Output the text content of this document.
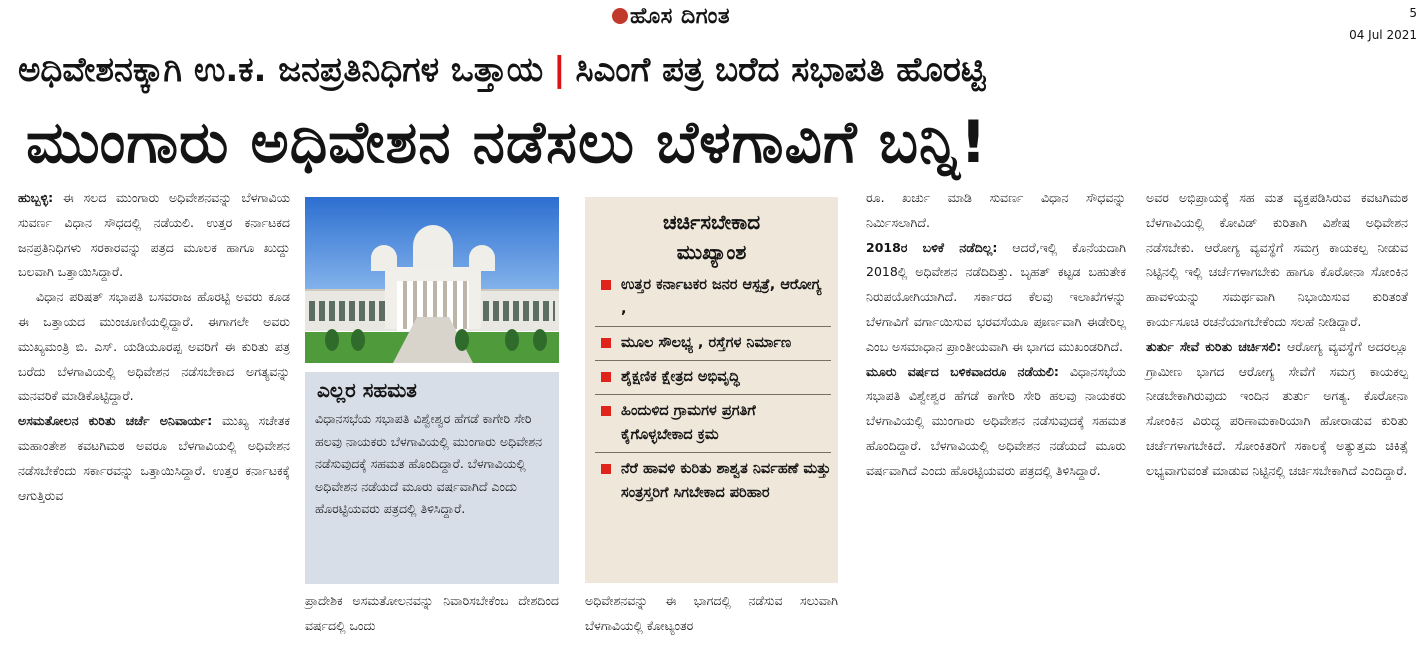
ಹೊಸ ದಿಗಂತ	5
04 Jul 2021
ಅಧಿವೇಶನಕ್ಕಾಗಿ ಉ.ಕ. ಜನಪ್ರತಿನಿಧಿಗಳ ಒತ್ತಾಯ | ಸಿಎಂಗೆ ಪತ್ರ ಬರೆದ ಸಭಾಪತಿ ಹೊರಟ್ಟಿ
ಮುಂಗಾರು ಅಧಿವೇಶನ ನಡೆಸಲು ಬೆಳಗಾವಿಗೆ ಬನ್ನಿ!

ಹುಬ್ಬಳ್ಳಿ: ಈ ಸಲದ ಮುಂಗಾರು ಅಧಿವೇಶನವನ್ನು ಬೆಳಗಾವಿಯ ಸುವರ್ಣ ವಿಧಾನ ಸೌಧದಲ್ಲಿ ನಡೆಯಲಿ. ಉತ್ತರ ಕರ್ನಾಟಕದ ಜನಪ್ರತಿನಿಧಿಗಳು ಸರಕಾರವನ್ನು ಪತ್ರದ ಮೂಲಕ ಹಾಗೂ ಖುದ್ದು ಬಲವಾಗಿ ಒತ್ತಾಯಿಸಿದ್ದಾರೆ.

ವಿಧಾನ ಪರಿಷತ್ ಸಭಾಪತಿ ಬಸವರಾಜ ಹೊರಟ್ಟಿ ಅವರು ಕೂಡ ಈ ಒತ್ತಾಯದ ಮುಂಚೂಣಿಯಲ್ಲಿದ್ದಾರೆ. ಈಗಾಗಲೇ ಅವರು ಮುಖ್ಯಮಂತ್ರಿ ಬಿ. ಎಸ್. ಯಡಿಯೂರಪ್ಪ ಅವರಿಗೆ ಈ ಕುರಿತು ಪತ್ರ ಬರೆದು ಬೆಳಗಾವಿಯಲ್ಲಿ ಅಧಿವೇಶನ ನಡೆಸಬೇಕಾದ ಅಗತ್ಯವನ್ನು ಮನವರಿಕೆ ಮಾಡಿಕೊಟ್ಟಿದ್ದಾರೆ.

ಅಸಮತೋಲನ ಕುರಿತು ಚರ್ಚೆ ಅನಿವಾರ್ಯ: ಮುಖ್ಯ ಸಚೇತಕ ಮಹಾಂತೇಶ ಕವಟಗಿಮಠ ಅವರೂ ಬೆಳಗಾವಿಯಲ್ಲಿ ಅಧಿವೇಶನ ನಡೆಸಬೇಕೆಂದು ಸರ್ಕಾರವನ್ನು ಒತ್ತಾಯಿಸಿದ್ದಾರೆ. ಉತ್ತರ ಕರ್ನಾಟಕಕ್ಕೆ ಆಗುತ್ತಿರುವ

ಎಲ್ಲರ ಸಹಮತ
ವಿಧಾನಸಭೆಯ ಸಭಾಪತಿ ವಿಶ್ವೇಶ್ವರ ಹೆಗಡೆ ಕಾಗೇರಿ ಸೇರಿ ಹಲವು ನಾಯಕರು ಬೆಳಗಾವಿಯಲ್ಲಿ ಮುಂಗಾರು ಅಧಿವೇಶನ ನಡೆಸುವುದಕ್ಕೆ ಸಹಮತ ಹೊಂದಿದ್ದಾರೆ. ಬೆಳಗಾವಿಯಲ್ಲಿ ಅಧಿವೇಶನ ನಡೆಯದೆ ಮೂರು ವರ್ಷವಾಗಿದೆ ಎಂದು ಹೊರಟ್ಟಿಯವರು ಪತ್ರದಲ್ಲಿ ತಿಳಿಸಿದ್ದಾರೆ.
ಪ್ರಾದೇಶಿಕ ಅಸಮತೋಲನವನ್ನು ನಿವಾರಿಸಬೇಕೆಂಬ ದೇಶದಿಂದ ವರ್ಷದಲ್ಲಿ ಒಂದು
ಚರ್ಚಿಸಬೇಕಾದ
ಮುಖ್ಯಾಂಶ
ಉತ್ತರ ಕರ್ನಾಟಕರ ಜನರ ಆಸ್ಪತ್ರೆ, ಆರೋಗ್ಯ ,
ಮೂಲ ಸೌಲಭ್ಯ , ರಸ್ತೆಗಳ ನಿರ್ಮಾಣ
ಶೈಕ್ಷಣಿಕ ಕ್ಷೇತ್ರದ ಅಭಿವೃದ್ಧಿ
ಹಿಂದುಳಿದ ಗ್ರಾಮಗಳ ಪ್ರಗತಿಗೆ ಕೈಗೊಳ್ಳಬೇಕಾದ ಕ್ರಮ
ನೆರೆ ಹಾವಳಿ ಕುರಿತು ಶಾಶ್ವತ ನಿರ್ವಹಣೆ ಮತ್ತು ಸಂತ್ರಸ್ತರಿಗೆ ಸಿಗಬೇಕಾದ ಪರಿಹಾರ
ಅಧಿವೇಶನವನ್ನು ಈ ಭಾಗದಲ್ಲಿ ನಡೆಸುವ ಸಲುವಾಗಿ ಬೆಳಗಾವಿಯಲ್ಲಿ ಕೋಟ್ಯಂತರ

ರೂ. ಖರ್ಚು ಮಾಡಿ ಸುವರ್ಣ ವಿಧಾನ ಸೌಧವನ್ನು ನಿರ್ಮಿಸಲಾಗಿದೆ.

2018ರ ಬಳಿಕೆ ನಡೆದಿಲ್ಲ: ಆದರೆ,ಇಲ್ಲಿ ಕೊನೆಯದಾಗಿ 2018ಲ್ಲಿ ಅಧಿವೇಶನ ನಡೆದಿದಿತ್ತು. ಬೃಹತ್ ಕಟ್ಟಡ ಬಹುತೇಕ ನಿರುಪಯೋಗಿಯಾಗಿದೆ. ಸರ್ಕಾರದ ಕೆಲವು ಇಲಾಖೆಗಳನ್ನು ಬೆಳಗಾವಿಗೆ ವರ್ಗಾಯಿಸುವ ಭರವಸೆಯೂ ಪೂರ್ಣವಾಗಿ ಈಡೇರಿಲ್ಲ ಎಂಬ ಅಸಮಾಧಾನ ಪ್ರಾಂತೀಯವಾಗಿ ಈ ಭಾಗದ ಮುಖಂಡರಿಗಿದೆ.

ಮೂರು ವರ್ಷದ ಬಳಿಕವಾದರೂ ನಡೆಯಲಿ: ವಿಧಾನಸಭೆಯ ಸಭಾಪತಿ ವಿಶ್ವೇಶ್ವರ ಹೆಗಡೆ ಕಾಗೇರಿ ಸೇರಿ ಹಲವು ನಾಯಕರು ಬೆಳಗಾವಿಯಲ್ಲಿ ಮುಂಗಾರು ಅಧಿವೇಶನ ನಡೆಸುವುದಕ್ಕೆ ಸಹಮತ ಹೊಂದಿದ್ದಾರೆ. ಬೆಳಗಾವಿಯಲ್ಲಿ ಅಧಿವೇಶನ ನಡೆಯದೆ ಮೂರು ವರ್ಷವಾಗಿದೆ ಎಂದು ಹೊರಟ್ಟಿಯವರು ಪತ್ರದಲ್ಲಿ ತಿಳಿಸಿದ್ದಾರೆ.

ಅವರ ಅಭಿಪ್ರಾಯಕ್ಕೆ ಸಹ ಮತ ವ್ಯಕ್ತಪಡಿಸಿರುವ ಕವಟಗಿಮಠ ಬೆಳಗಾವಿಯಲ್ಲಿ ಕೋವಿಡ್ ಕುರಿತಾಗಿ ವಿಶೇಷ ಅಧಿವೇಶನ ನಡೆಸಬೇಕು. ಆರೋಗ್ಯ ವ್ಯವಸ್ಥೆಗೆ ಸಮಗ್ರ ಕಾಯಕಲ್ಪ ನೀಡುವ ನಿಟ್ಟಿನಲ್ಲಿ ಇಲ್ಲಿ ಚರ್ಚೆಗಳಾಗಬೇಕು ಹಾಗೂ ಕೊರೋನಾ ಸೋಂಕಿನ ಹಾವಳಿಯನ್ನು ಸಮರ್ಥವಾಗಿ ನಿಭಾಯಿಸುವ ಕುರಿತಂತೆ ಕಾರ್ಯಸೂಚಿ ರಚನೆಯಾಗಬೇಕೆಂದು ಸಲಹೆ ನೀಡಿದ್ದಾರೆ.

ತುರ್ತು ಸೇವೆ ಕುರಿತು ಚರ್ಚಿಸಲಿ: ಆರೋಗ್ಯ ವ್ಯವಸ್ಥೆಗೆ ಅದರಲ್ಲೂ ಗ್ರಾಮೀಣ ಭಾಗದ ಆರೋಗ್ಯ ಸೇವೆಗೆ ಸಮಗ್ರ ಕಾಯಕಲ್ಪ ನೀಡಬೇಕಾಗಿರುವುದು ಇಂದಿನ ತುರ್ತು ಅಗತ್ಯ. ಕೊರೋನಾ ಸೋಂಕಿನ ವಿರುದ್ಧ ಪರಿಣಾಮಕಾರಿಯಾಗಿ ಹೋರಾಡುವ ಕುರಿತು ಚರ್ಚೆಗಳಾಗಬೇಕಿದೆ. ಸೋಂಕಿತರಿಗೆ ಸಕಾಲಕ್ಕೆ ಅತ್ಯುತ್ತಮ ಚಿಕಿತ್ಸೆ ಲಭ್ಯವಾಗುವಂತೆ ಮಾಡುವ ನಿಟ್ಟಿನಲ್ಲಿ ಚರ್ಚಿಸಬೇಕಾಗಿದೆ ಎಂದಿದ್ದಾರೆ.
